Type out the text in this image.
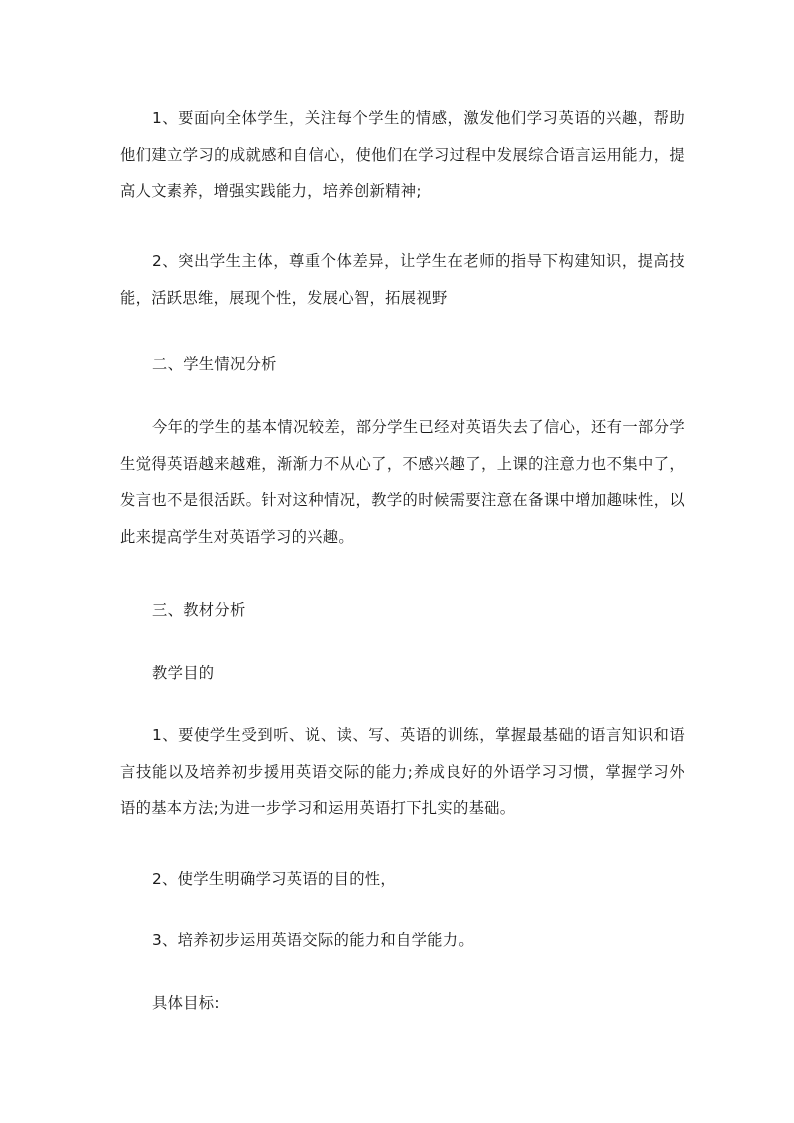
1、要面向全体学生，关注每个学生的情感，激发他们学习英语的兴趣，帮助他们建立学习的成就感和自信心，使他们在学习过程中发展综合语言运用能力，提高人文素养，增强实践能力，培养创新精神;

2、突出学生主体，尊重个体差异，让学生在老师的指导下构建知识，提高技能，活跃思维，展现个性，发展心智，拓展视野

二、学生情况分析

今年的学生的基本情况较差，部分学生已经对英语失去了信心，还有一部分学生觉得英语越来越难，渐渐力不从心了，不感兴趣了，上课的注意力也不集中了，发言也不是很活跃。针对这种情况，教学的时候需要注意在备课中增加趣味性，以此来提高学生对英语学习的兴趣。

三、教材分析

教学目的

1、要使学生受到听、说、读、写、英语的训练，掌握最基础的语言知识和语言技能以及培养初步援用英语交际的能力;养成良好的外语学习习惯，掌握学习外语的基本方法;为进一步学习和运用英语打下扎实的基础。

2、使学生明确学习英语的目的性，

3、培养初步运用英语交际的能力和自学能力。

具体目标:
